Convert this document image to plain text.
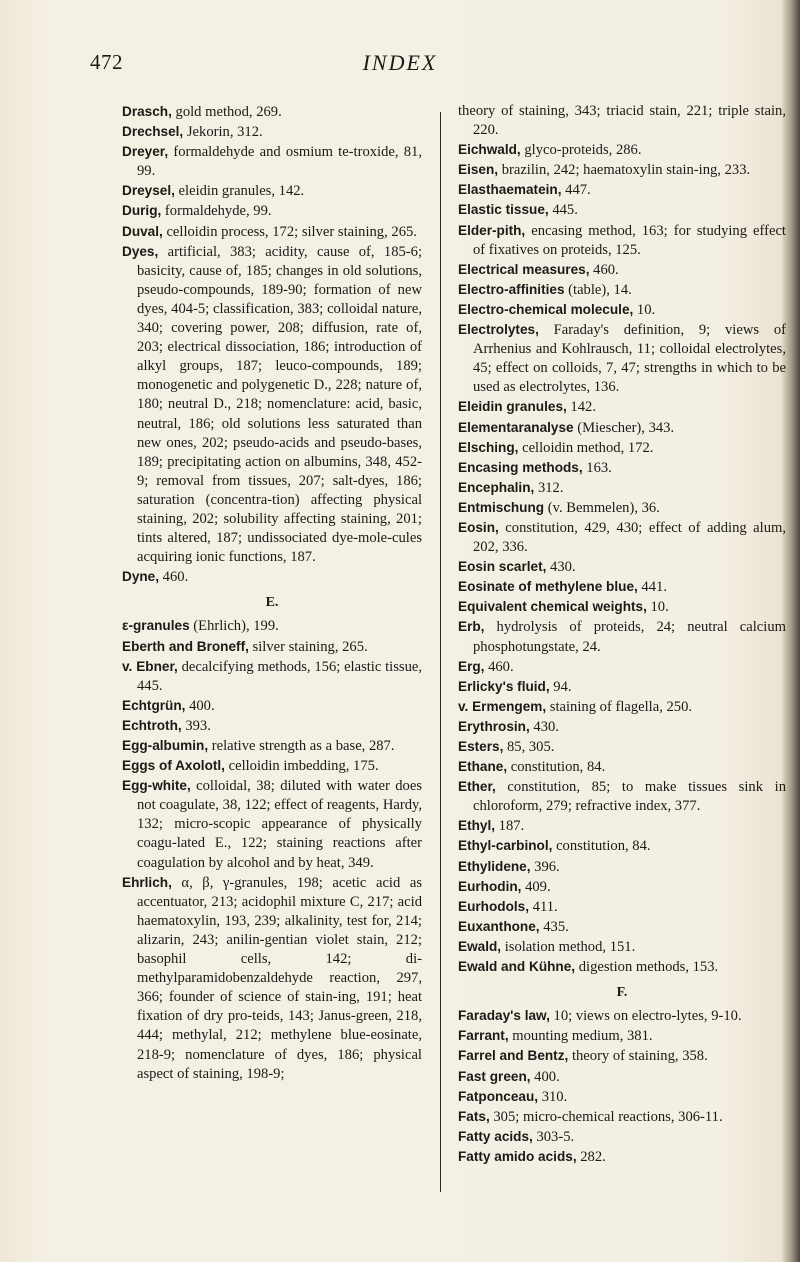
472	INDEX

Drasch, gold method, 269.

Drechsel, Jekorin, 312.

Dreyer, formaldehyde and osmium te-troxide, 81, 99.

Dreysel, eleidin granules, 142.

Durig, formaldehyde, 99.

Duval, celloidin process, 172; silver staining, 265.

Dyes, artificial, 383; acidity, cause of, 185-6; basicity, cause of, 185; changes in old solutions, pseudo-compounds, 189-90; formation of new dyes, 404-5; classification, 383; colloidal nature, 340; covering power, 208; diffusion, rate of, 203; electrical dissociation, 186; introduction of alkyl groups, 187; leuco-compounds, 189; monogenetic and polygenetic D., 228; nature of, 180; neutral D., 218; nomenclature: acid, basic, neutral, 186; old solutions less saturated than new ones, 202; pseudo-acids and pseudo-bases, 189; precipitating action on albumins, 348, 452-9; removal from tissues, 207; salt-dyes, 186; saturation (concentra-tion) affecting physical staining, 202; solubility affecting staining, 201; tints altered, 187; undissociated dye-mole-cules acquiring ionic functions, 187.

Dyne, 460.

E.

ε-granules (Ehrlich), 199.

Eberth and Broneff, silver staining, 265.

v. Ebner, decalcifying methods, 156; elastic tissue, 445.

Echtgrün, 400.

Echtroth, 393.

Egg-albumin, relative strength as a base, 287.

Eggs of Axolotl, celloidin imbedding, 175.

Egg-white, colloidal, 38; diluted with water does not coagulate, 38, 122; effect of reagents, Hardy, 132; micro-scopic appearance of physically coagu-lated E., 122; staining reactions after coagulation by alcohol and by heat, 349.

Ehrlich, α, β, γ-granules, 198; acetic acid as accentuator, 213; acidophil mixture C, 217; acid haematoxylin, 193, 239; alkalinity, test for, 214; alizarin, 243; anilin-gentian violet stain, 212; basophil cells, 142; di-methylparamidobenzaldehyde reaction, 297, 366; founder of science of stain-ing, 191; heat fixation of dry pro-teids, 143; Janus-green, 218, 444; methylal, 212; methylene blue-eosinate, 218-9; nomenclature of dyes, 186; physical aspect of staining, 198-9;

theory of staining, 343; triacid stain, 221; triple stain, 220.

Eichwald, glyco-proteids, 286.

Eisen, brazilin, 242; haematoxylin stain-ing, 233.

Elasthaematein, 447.

Elastic tissue, 445.

Elder-pith, encasing method, 163; for studying effect of fixatives on proteids, 125.

Electrical measures, 460.

Electro-affinities (table), 14.

Electro-chemical molecule, 10.

Electrolytes, Faraday's definition, 9; views of Arrhenius and Kohlrausch, 11; colloidal electrolytes, 45; effect on colloids, 7, 47; strengths in which to be used as electrolytes, 136.

Eleidin granules, 142.

Elementaranalyse (Miescher), 343.

Elsching, celloidin method, 172.

Encasing methods, 163.

Encephalin, 312.

Entmischung (v. Bemmelen), 36.

Eosin, constitution, 429, 430; effect of adding alum, 202, 336.

Eosin scarlet, 430.

Eosinate of methylene blue, 441.

Equivalent chemical weights, 10.

Erb, hydrolysis of proteids, 24; neutral calcium phosphotungstate, 24.

Erg, 460.

Erlicky's fluid, 94.

v. Ermengem, staining of flagella, 250.

Erythrosin, 430.

Esters, 85, 305.

Ethane, constitution, 84.

Ether, constitution, 85; to make tissues sink in chloroform, 279; refractive index, 377.

Ethyl, 187.

Ethyl-carbinol, constitution, 84.

Ethylidene, 396.

Eurhodin, 409.

Eurhodols, 411.

Euxanthone, 435.

Ewald, isolation method, 151.

Ewald and Kühne, digestion methods, 153.

F.

Faraday's law, 10; views on electro-lytes, 9-10.

Farrant, mounting medium, 381.

Farrel and Bentz, theory of staining, 358.

Fast green, 400.

Fatponceau, 310.

Fats, 305; micro-chemical reactions, 306-11.

Fatty acids, 303-5.

Fatty amido acids, 282.
